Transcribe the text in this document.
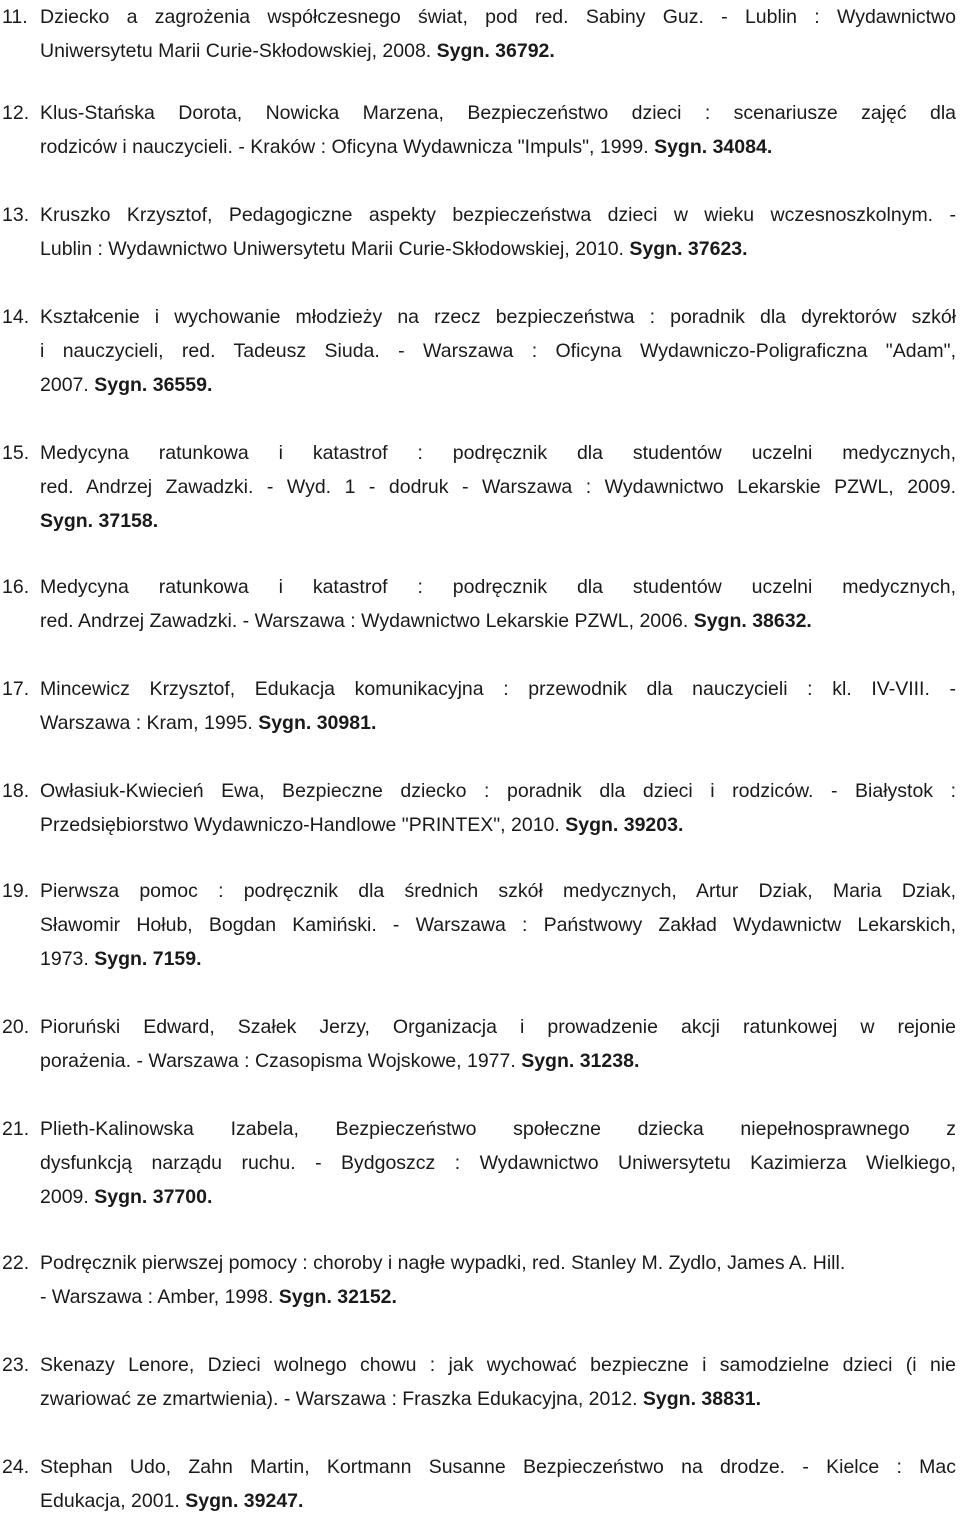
11. Dziecko a zagrożenia współczesnego świat, pod red. Sabiny Guz. - Lublin : Wydawnictwo
Uniwersytetu Marii Curie-Skłodowskiej, 2008. Sygn. 36792.
12. Klus-Stańska Dorota, Nowicka Marzena, Bezpieczeństwo dzieci : scenariusze zajęć dla
rodziców i nauczycieli. - Kraków : Oficyna Wydawnicza "Impuls", 1999. Sygn. 34084.
13. Kruszko Krzysztof, Pedagogiczne aspekty bezpieczeństwa dzieci w wieku wczesnoszkolnym. -
Lublin : Wydawnictwo Uniwersytetu Marii Curie-Skłodowskiej, 2010. Sygn. 37623.
14. Kształcenie i wychowanie młodzieży na rzecz bezpieczeństwa : poradnik dla dyrektorów szkół
i nauczycieli, red. Tadeusz Siuda. - Warszawa : Oficyna Wydawniczo-Poligraficzna "Adam",
2007. Sygn. 36559.
15. Medycyna ratunkowa i katastrof : podręcznik dla studentów uczelni medycznych,
red. Andrzej Zawadzki. - Wyd. 1 - dodruk - Warszawa : Wydawnictwo Lekarskie PZWL, 2009.
Sygn. 37158.
16. Medycyna ratunkowa i katastrof : podręcznik dla studentów uczelni medycznych,
red. Andrzej Zawadzki. - Warszawa : Wydawnictwo Lekarskie PZWL, 2006. Sygn. 38632.
17. Mincewicz Krzysztof, Edukacja komunikacyjna : przewodnik dla nauczycieli : kl. IV-VIII. -
Warszawa : Kram, 1995. Sygn. 30981.
18. Owłasiuk-Kwiecień Ewa, Bezpieczne dziecko : poradnik dla dzieci i rodziców. - Białystok :
Przedsiębiorstwo Wydawniczo-Handlowe "PRINTEX", 2010. Sygn. 39203.
19. Pierwsza pomoc : podręcznik dla średnich szkół medycznych, Artur Dziak, Maria Dziak,
Sławomir Hołub, Bogdan Kamiński. - Warszawa : Państwowy Zakład Wydawnictw Lekarskich,
1973. Sygn. 7159.
20. Pioruński Edward, Szałek Jerzy, Organizacja i prowadzenie akcji ratunkowej w rejonie
porażenia. - Warszawa : Czasopisma Wojskowe, 1977. Sygn. 31238.
21. Plieth-Kalinowska Izabela, Bezpieczeństwo społeczne dziecka niepełnosprawnego z
dysfunkcją narządu ruchu. - Bydgoszcz : Wydawnictwo Uniwersytetu Kazimierza Wielkiego,
2009. Sygn. 37700.
22. Podręcznik pierwszej pomocy : choroby i nagłe wypadki, red. Stanley M. Zydlo, James A. Hill.
- Warszawa : Amber, 1998. Sygn. 32152.
23. Skenazy Lenore, Dzieci wolnego chowu : jak wychować bezpieczne i samodzielne dzieci (i nie
zwariować ze zmartwienia). - Warszawa : Fraszka Edukacyjna, 2012. Sygn. 38831.
24. Stephan Udo, Zahn Martin, Kortmann Susanne Bezpieczeństwo na drodze. - Kielce : Mac
Edukacja, 2001. Sygn. 39247.
